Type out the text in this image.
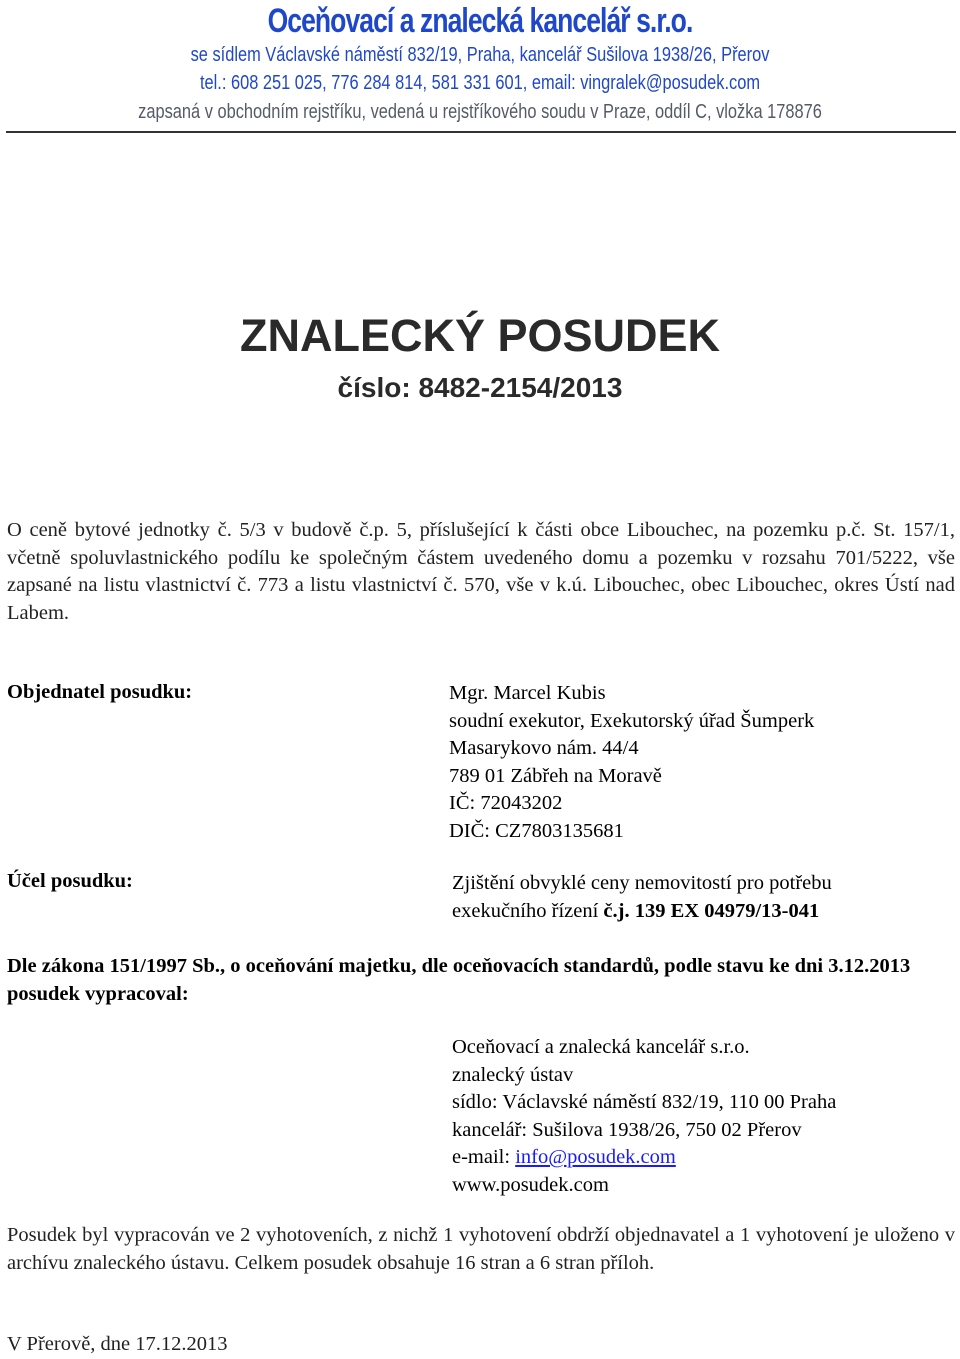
Oceňovací a znalecká kancelář s.r.o.
se sídlem Václavské náměstí 832/19, Praha, kancelář Sušilova 1938/26, Přerov
tel.: 608 251 025, 776 284 814, 581 331 601, email: vingralek@posudek.com
zapsaná v obchodním rejstříku, vedená u rejstříkového soudu v Praze, oddíl C, vložka 178876
ZNALECKÝ POSUDEK
číslo: 8482-2154/2013
O ceně bytové jednotky č. 5/3 v budově č.p. 5, příslušející k části obce Libouchec, na pozemku p.č. St. 157/1, včetně spoluvlastnického podílu ke společným částem uvedeného domu a pozemku v rozsahu 701/5222, vše zapsané na listu vlastnictví č. 773 a listu vlastnictví č. 570, vše v k.ú. Libouchec, obec Libouchec, okres Ústí nad Labem.
Objednatel posudku:	Mgr. Marcel Kubis
soudní exekutor, Exekutorský úřad Šumperk
Masarykovo nám. 44/4
789 01 Zábřeh na Moravě
IČ: 72043202
DIČ: CZ7803135681
Účel posudku:	Zjištění obvyklé ceny nemovitostí pro potřebu
exekučního řízení č.j. 139 EX 04979/13-041
Dle zákona 151/1997 Sb., o oceňování majetku, dle oceňovacích standardů, podle stavu ke dni 3.12.2013 posudek vypracoval:
Oceňovací a znalecká kancelář s.r.o.
znalecký ústav
sídlo: Václavské náměstí 832/19, 110 00 Praha
kancelář: Sušilova 1938/26, 750 02 Přerov
e-mail: info@posudek.com
www.posudek.com
Posudek byl vypracován ve 2 vyhotoveních, z nichž 1 vyhotovení obdrží objednavatel a 1 vyhotovení je uloženo v archívu znaleckého ústavu. Celkem posudek obsahuje 16 stran a 6 stran příloh.
V Přerově, dne 17.12.2013
